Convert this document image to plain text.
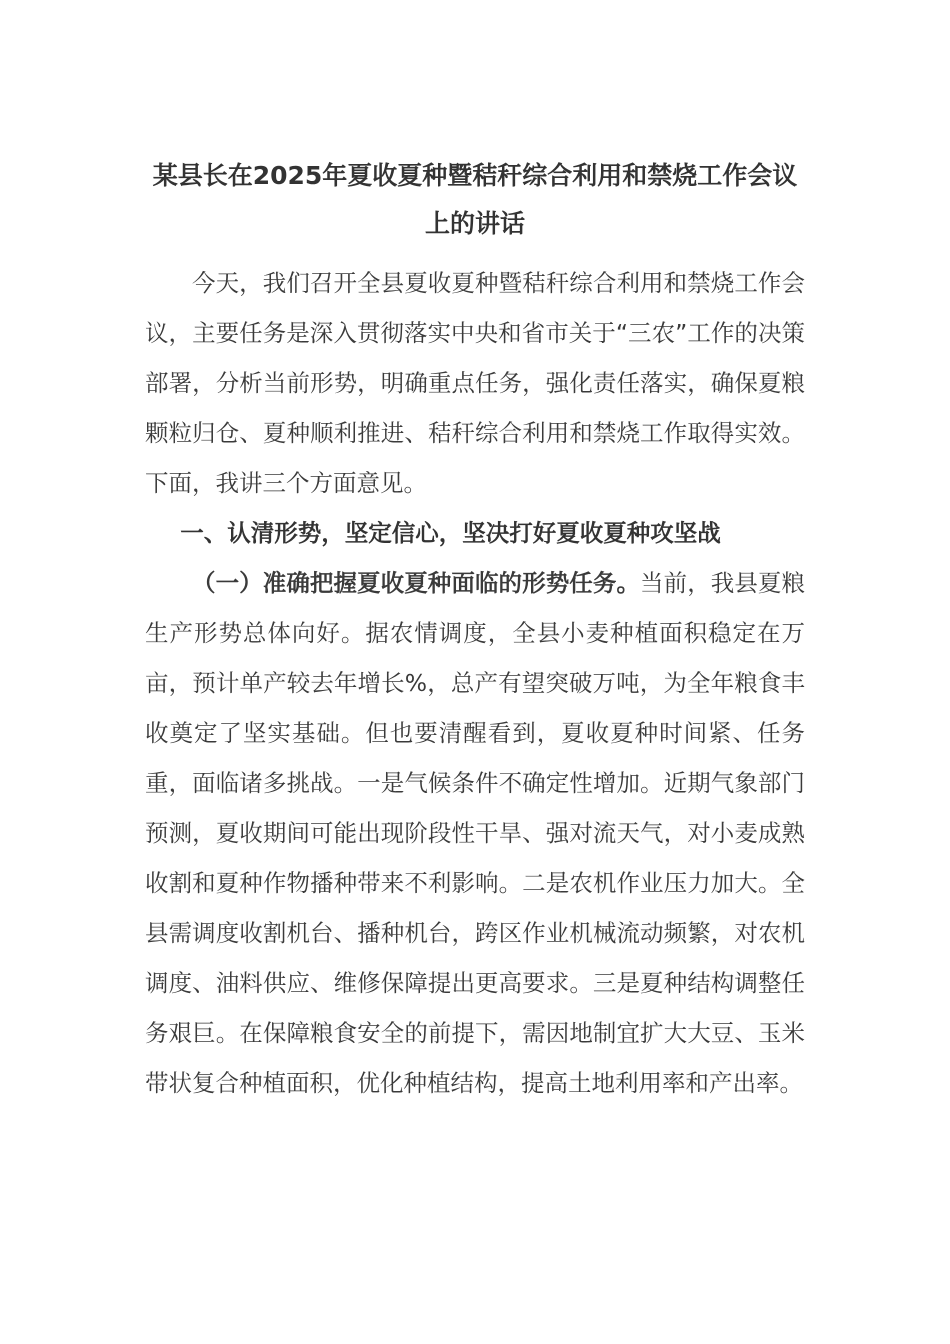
某县长在2025年夏收夏种暨秸秆综合利用和禁烧工作会议上的讲话

今天，我们召开全县夏收夏种暨秸秆综合利用和禁烧工作会议，主要任务是深入贯彻落实中央和省市关于“三农”工作的决策部署，分析当前形势，明确重点任务，强化责任落实，确保夏粮颗粒归仓、夏种顺利推进、秸秆综合利用和禁烧工作取得实效。下面，我讲三个方面意见。

一、认清形势，坚定信心，坚决打好夏收夏种攻坚战

（一）准确把握夏收夏种面临的形势任务。当前，我县夏粮生产形势总体向好。据农情调度，全县小麦种植面积稳定在万亩，预计单产较去年增长%，总产有望突破万吨，为全年粮食丰收奠定了坚实基础。但也要清醒看到，夏收夏种时间紧、任务重，面临诸多挑战。一是气候条件不确定性增加。近期气象部门预测，夏收期间可能出现阶段性干旱、强对流天气，对小麦成熟收割和夏种作物播种带来不利影响。二是农机作业压力加大。全县需调度收割机台、播种机台，跨区作业机械流动频繁，对农机调度、油料供应、维修保障提出更高要求。三是夏种结构调整任务艰巨。在保障粮食安全的前提下，需因地制宜扩大大豆、玉米带状复合种植面积，优化种植结构，提高土地利用率和产出率。
